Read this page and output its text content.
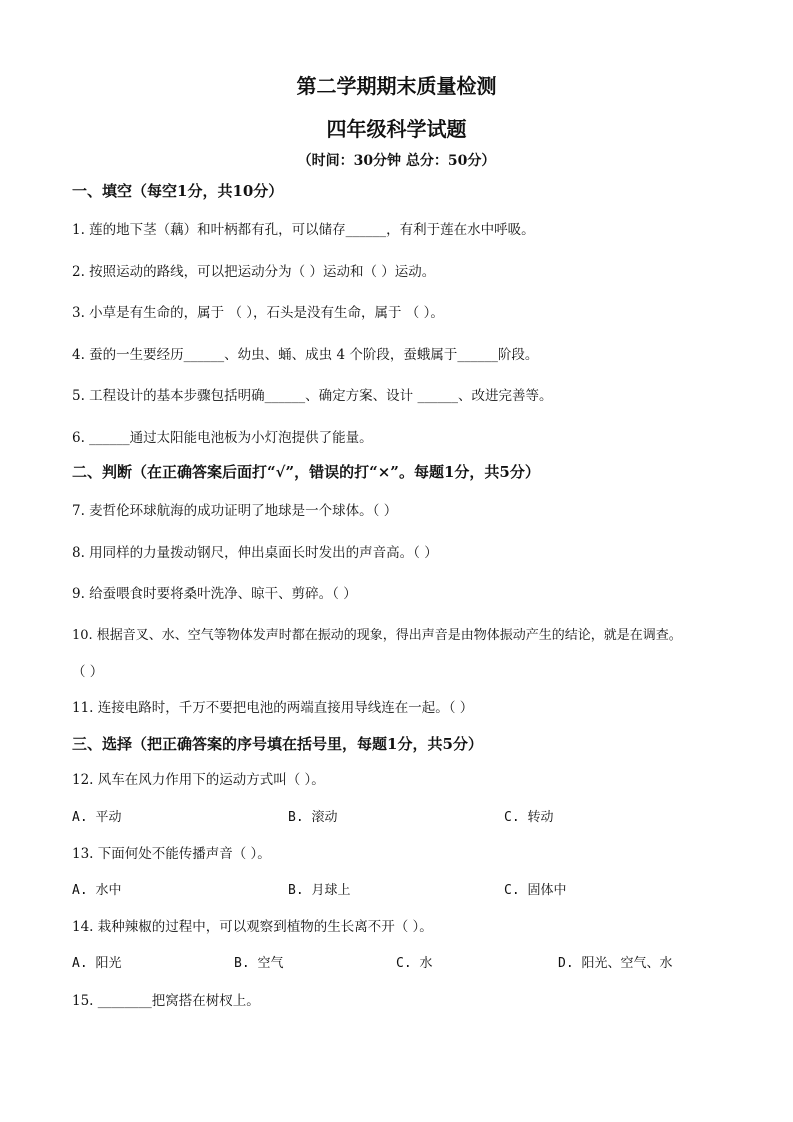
第二学期期末质量检测
四年级科学试题
（时间：30分钟 总分：50分）
一、填空（每空1分，共10分）
1. 莲的地下茎（藕）和叶柄都有孔，可以储存______，有利于莲在水中呼吸。
2. 按照运动的路线，可以把运动分为（ ）运动和（ ）运动。
3. 小草是有生命的，属于 （ ），石头是没有生命，属于 （ ）。
4. 蚕的一生要经历______、幼虫、蛹、成虫 4 个阶段，蚕蛾属于______阶段。
5. 工程设计的基本步骤包括明确______、确定方案、设计 ______、改进完善等。
6. ______通过太阳能电池板为小灯泡提供了能量。
二、判断（在正确答案后面打“√”，错误的打“×”。每题1分，共5分）
7. 麦哲伦环球航海的成功证明了地球是一个球体。（ ）
8. 用同样的力量拨动钢尺，伸出桌面长时发出的声音高。（ ）
9. 给蚕喂食时要将桑叶洗净、晾干、剪碎。（ ）
10. 根据音叉、水、空气等物体发声时都在振动的现象，得出声音是由物体振动产生的结论，就是在调查。
（ ）
11. 连接电路时，千万不要把电池的两端直接用导线连在一起。（ ）
三、选择（把正确答案的序号填在括号里，每题1分，共5分）
12. 风车在风力作用下的运动方式叫（ ）。
A. 平动	B. 滚动	C. 转动
13. 下面何处不能传播声音（ ）。
A. 水中	B. 月球上	C. 固体中
14. 栽种辣椒的过程中，可以观察到植物的生长离不开（ ）。
A. 阳光	B. 空气	C. 水	D. 阳光、空气、水
15. ________把窝搭在树杈上。
